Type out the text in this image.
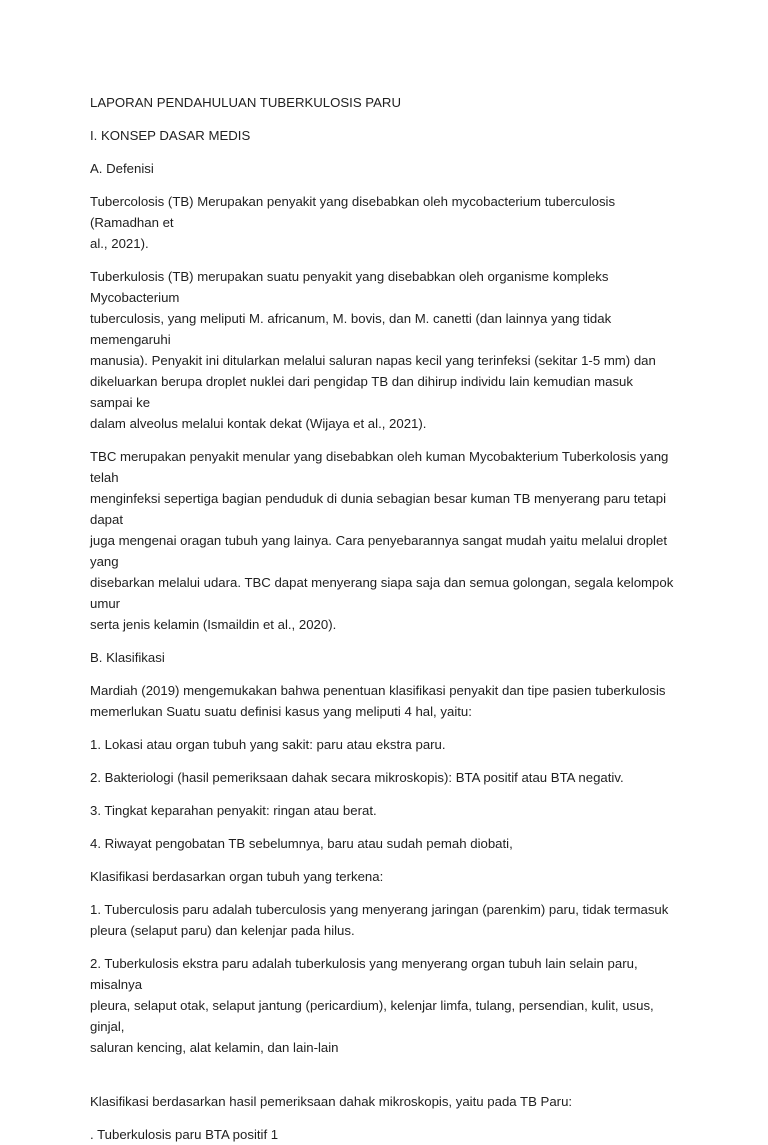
LAPORAN PENDAHULUAN TUBERKULOSIS PARU

I. KONSEP DASAR MEDIS

A. Defenisi

Tubercolosis (TB) Merupakan penyakit yang disebabkan oleh mycobacterium tuberculosis (Ramadhan et
al., 2021).

Tuberkulosis (TB) merupakan suatu penyakit yang disebabkan oleh organisme kompleks Mycobacterium
tuberculosis, yang meliputi M. africanum, M. bovis, dan M. canetti (dan lainnya yang tidak memengaruhi
manusia). Penyakit ini ditularkan melalui saluran napas kecil yang terinfeksi (sekitar 1-5 mm) dan
dikeluarkan berupa droplet nuklei dari pengidap TB dan dihirup individu lain kemudian masuk sampai ke
dalam alveolus melalui kontak dekat (Wijaya et al., 2021).

TBC merupakan penyakit menular yang disebabkan oleh kuman Mycobakterium Tuberkolosis yang telah
menginfeksi sepertiga bagian penduduk di dunia sebagian besar kuman TB menyerang paru tetapi dapat
juga mengenai oragan tubuh yang lainya. Cara penyebarannya sangat mudah yaitu melalui droplet yang
disebarkan melalui udara. TBC dapat menyerang siapa saja dan semua golongan, segala kelompok umur
serta jenis kelamin (Ismaildin et al., 2020).

B. Klasifikasi

Mardiah (2019) mengemukakan bahwa penentuan klasifikasi penyakit dan tipe pasien tuberkulosis
memerlukan Suatu suatu definisi kasus yang meliputi 4 hal, yaitu:

1. Lokasi atau organ tubuh yang sakit: paru atau ekstra paru.

2. Bakteriologi (hasil pemeriksaan dahak secara mikroskopis): BTA positif atau BTA negativ.

3. Tingkat keparahan penyakit: ringan atau berat.

4. Riwayat pengobatan TB sebelumnya, baru atau sudah pemah diobati,

Klasifikasi berdasarkan organ tubuh yang terkena:

1. Tuberculosis paru adalah tuberculosis yang menyerang jaringan (parenkim) paru, tidak termasuk
pleura (selaput paru) dan kelenjar pada hilus.

2. Tuberkulosis ekstra paru adalah tuberkulosis yang menyerang organ tubuh lain selain paru, misalnya
pleura, selaput otak, selaput jantung (pericardium), kelenjar limfa, tulang, persendian, kulit, usus, ginjal,
saluran kencing, alat kelamin, dan lain-lain

Klasifikasi berdasarkan hasil pemeriksaan dahak mikroskopis, yaitu pada TB Paru:

. Tuberkulosis paru BTA positif 1
